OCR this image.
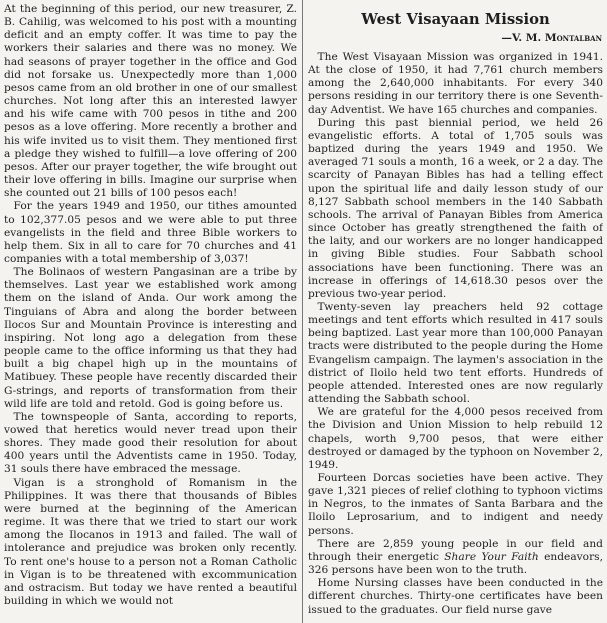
At the beginning of this period, our new treasurer, Z. B. Cahilig, was welcomed to his post with a mounting deficit and an empty coffer. It was time to pay the workers their salaries and there was no money. We had seasons of prayer together in the office and God did not forsake us. Unexpectedly more than 1,000 pesos came from an old brother in one of our smallest churches. Not long after this an interested lawyer and his wife came with 700 pesos in tithe and 200 pesos as a love offering. More recently a brother and his wife invited us to visit them. They mentioned first a pledge they wished to fulfill—a love offering of 200 pesos. After our prayer together, the wife brought out their love offering in bills. Imagine our surprise when she counted out 21 bills of 100 pesos each!

For the years 1949 and 1950, our tithes amounted to 102,377.05 pesos and we were able to put three evangelists in the field and three Bible workers to help them. Six in all to care for 70 churches and 41 companies with a total membership of 3,037!

The Bolinaos of western Pangasinan are a tribe by themselves. Last year we established work among them on the island of Anda. Our work among the Tinguians of Abra and along the border between Ilocos Sur and Mountain Province is interesting and inspiring. Not long ago a delegation from these people came to the office informing us that they had built a big chapel high up in the mountains of Matibuey. These people have recently discarded their G-strings, and reports of transformation from their wild life are told and retold. God is going before us.

The townspeople of Santa, according to reports, vowed that heretics would never tread upon their shores. They made good their resolution for about 400 years until the Adventists came in 1950. Today, 31 souls there have embraced the message.

Vigan is a stronghold of Romanism in the Philippines. It was there that thousands of Bibles were burned at the beginning of the American regime. It was there that we tried to start our work among the Ilocanos in 1913 and failed. The wall of intolerance and prejudice was broken only recently. To rent one's house to a person not a Roman Catholic in Vigan is to be threatened with excommunication and ostracism. But today we have rented a beautiful building in which we would not

West Visayaan Mission
—V. M. Montalban

The West Visayaan Mission was organized in 1941. At the close of 1950, it had 7,761 church members among the 2,640,000 inhabitants. For every 340 persons residing in our territory there is one Seventh-day Adventist. We have 165 churches and companies.

During this past biennial period, we held 26 evangelistic efforts. A total of 1,705 souls was baptized during the years 1949 and 1950. We averaged 71 souls a month, 16 a week, or 2 a day. The scarcity of Panayan Bibles has had a telling effect upon the spiritual life and daily lesson study of our 8,127 Sabbath school members in the 140 Sabbath schools. The arrival of Panayan Bibles from America since October has greatly strengthened the faith of the laity, and our workers are no longer handicapped in giving Bible studies. Four Sabbath school associations have been functioning. There was an increase in offerings of 14,618.30 pesos over the previous two-year period.

Twenty-seven lay preachers held 92 cottage meetings and tent efforts which resulted in 417 souls being baptized. Last year more than 100,000 Panayan tracts were distributed to the people during the Home Evangelism campaign. The laymen's association in the district of Iloilo held two tent efforts. Hundreds of people attended. Interested ones are now regularly attending the Sabbath school.

We are grateful for the 4,000 pesos received from the Division and Union Mission to help rebuild 12 chapels, worth 9,700 pesos, that were either destroyed or damaged by the typhoon on November 2, 1949.

Fourteen Dorcas societies have been active. They gave 1,321 pieces of relief clothing to typhoon victims in Negros, to the inmates of Santa Barbara and the Iloilo Leprosarium, and to indigent and needy persons.

There are 2,859 young people in our field and through their energetic Share Your Faith endeavors, 326 persons have been won to the truth.

Home Nursing classes have been conducted in the different churches. Thirty-one certificates have been issued to the graduates. Our field nurse gave
